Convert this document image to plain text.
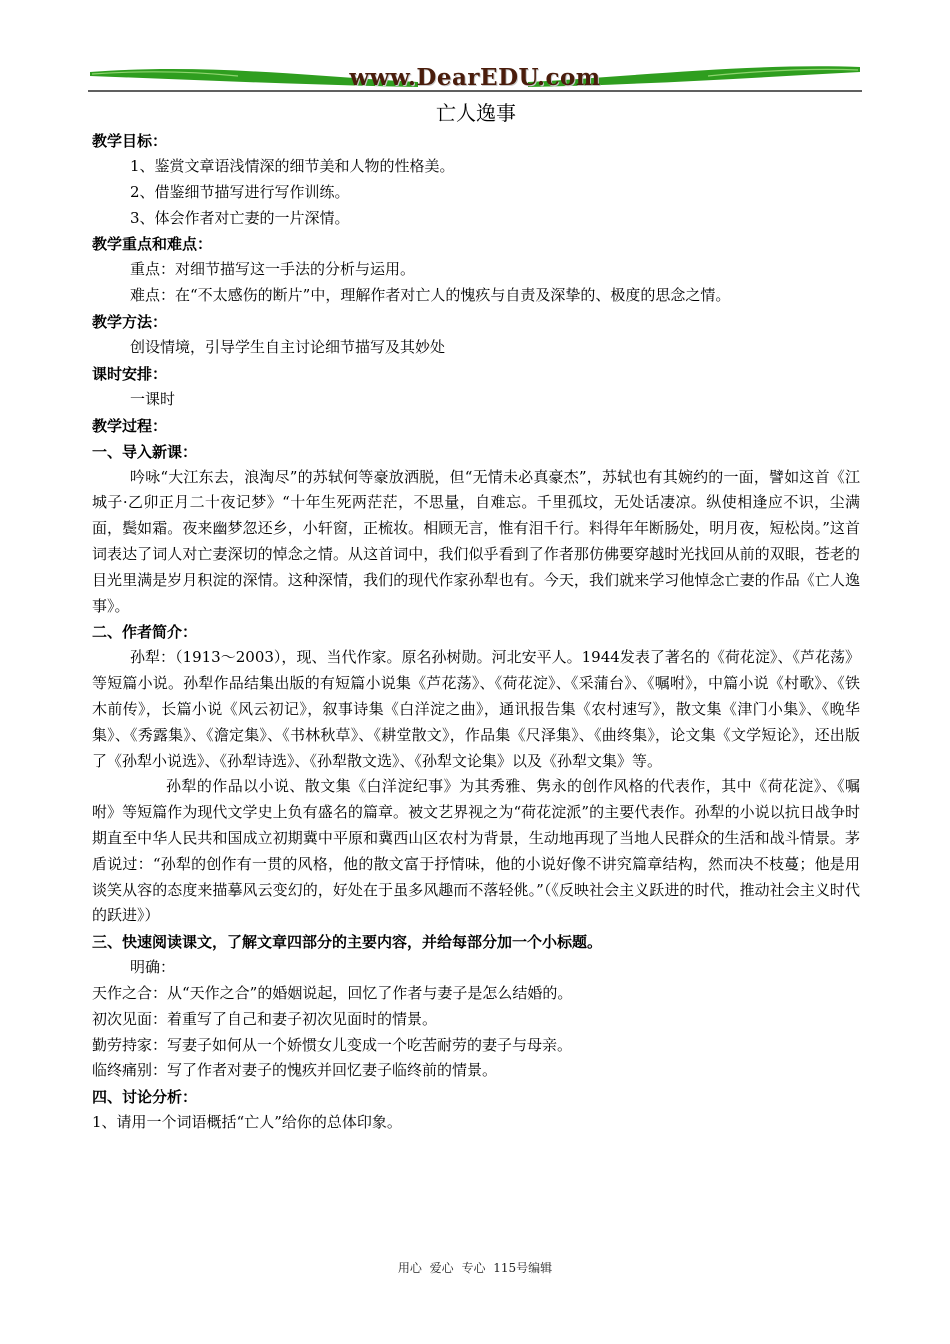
www.DearEDU.com
亡人逸事
教学目标：
1、鉴赏文章语浅情深的细节美和人物的性格美。
2、借鉴细节描写进行写作训练。
3、体会作者对亡妻的一片深情。
教学重点和难点：
重点：对细节描写这一手法的分析与运用。
难点：在“不太感伤的断片”中，理解作者对亡人的愧疚与自责及深挚的、极度的思念之情。
教学方法：
创设情境，引导学生自主讨论细节描写及其妙处
课时安排：
一课时
教学过程：
一、导入新课：
吟咏“大江东去，浪淘尽”的苏轼何等豪放洒脱，但“无情未必真豪杰”，苏轼也有其婉约的一面，譬如这首《江城子·乙卯正月二十夜记梦》“十年生死两茫茫，不思量，自难忘。千里孤坟，无处话凄凉。纵使相逢应不识，尘满面，鬓如霜。夜来幽梦忽还乡，小轩窗，正梳妆。相顾无言，惟有泪千行。料得年年断肠处，明月夜，短松岗。”这首词表达了词人对亡妻深切的悼念之情。从这首词中，我们似乎看到了作者那仿佛要穿越时光找回从前的双眼，苍老的目光里满是岁月积淀的深情。这种深情，我们的现代作家孙犁也有。今天，我们就来学习他悼念亡妻的作品《亡人逸事》。
二、作者简介：
孙犁：（1913～2003），现、当代作家。原名孙树勋。河北安平人。1944发表了著名的《荷花淀》、《芦花荡》等短篇小说。孙犁作品结集出版的有短篇小说集《芦花荡》、《荷花淀》、《采蒲台》、《嘱咐》，中篇小说《村歌》、《铁木前传》，长篇小说《风云初记》，叙事诗集《白洋淀之曲》，通讯报告集《农村速写》，散文集《津门小集》、《晚华集》、《秀露集》、《澹定集》、《书林秋草》、《耕堂散文》，作品集《尺泽集》、《曲终集》，论文集《文学短论》，还出版了《孙犁小说选》、《孙犁诗选》、《孙犁散文选》、《孙犁文论集》以及《孙犁文集》等。
孙犁的作品以小说、散文集《白洋淀纪事》为其秀雅、隽永的创作风格的代表作，其中《荷花淀》、《嘱咐》等短篇作为现代文学史上负有盛名的篇章。被文艺界视之为“荷花淀派”的主要代表作。孙犁的小说以抗日战争时期直至中华人民共和国成立初期冀中平原和冀西山区农村为背景，生动地再现了当地人民群众的生活和战斗情景。茅盾说过：“孙犁的创作有一贯的风格，他的散文富于抒情味，他的小说好像不讲究篇章结构，然而决不枝蔓；他是用谈笑从容的态度来描摹风云变幻的，好处在于虽多风趣而不落轻佻。”（《反映社会主义跃进的时代，推动社会主义时代的跃进》）
三、快速阅读课文，了解文章四部分的主要内容，并给每部分加一个小标题。
明确：
天作之合：从“天作之合”的婚姻说起，回忆了作者与妻子是怎么结婚的。
初次见面：着重写了自己和妻子初次见面时的情景。
勤劳持家：写妻子如何从一个娇惯女儿变成一个吃苦耐劳的妻子与母亲。
临终痛别：写了作者对妻子的愧疚并回忆妻子临终前的情景。
四、讨论分析：
1、请用一个词语概括“亡人”给你的总体印象。
用心 爱心 专心 115号编辑
